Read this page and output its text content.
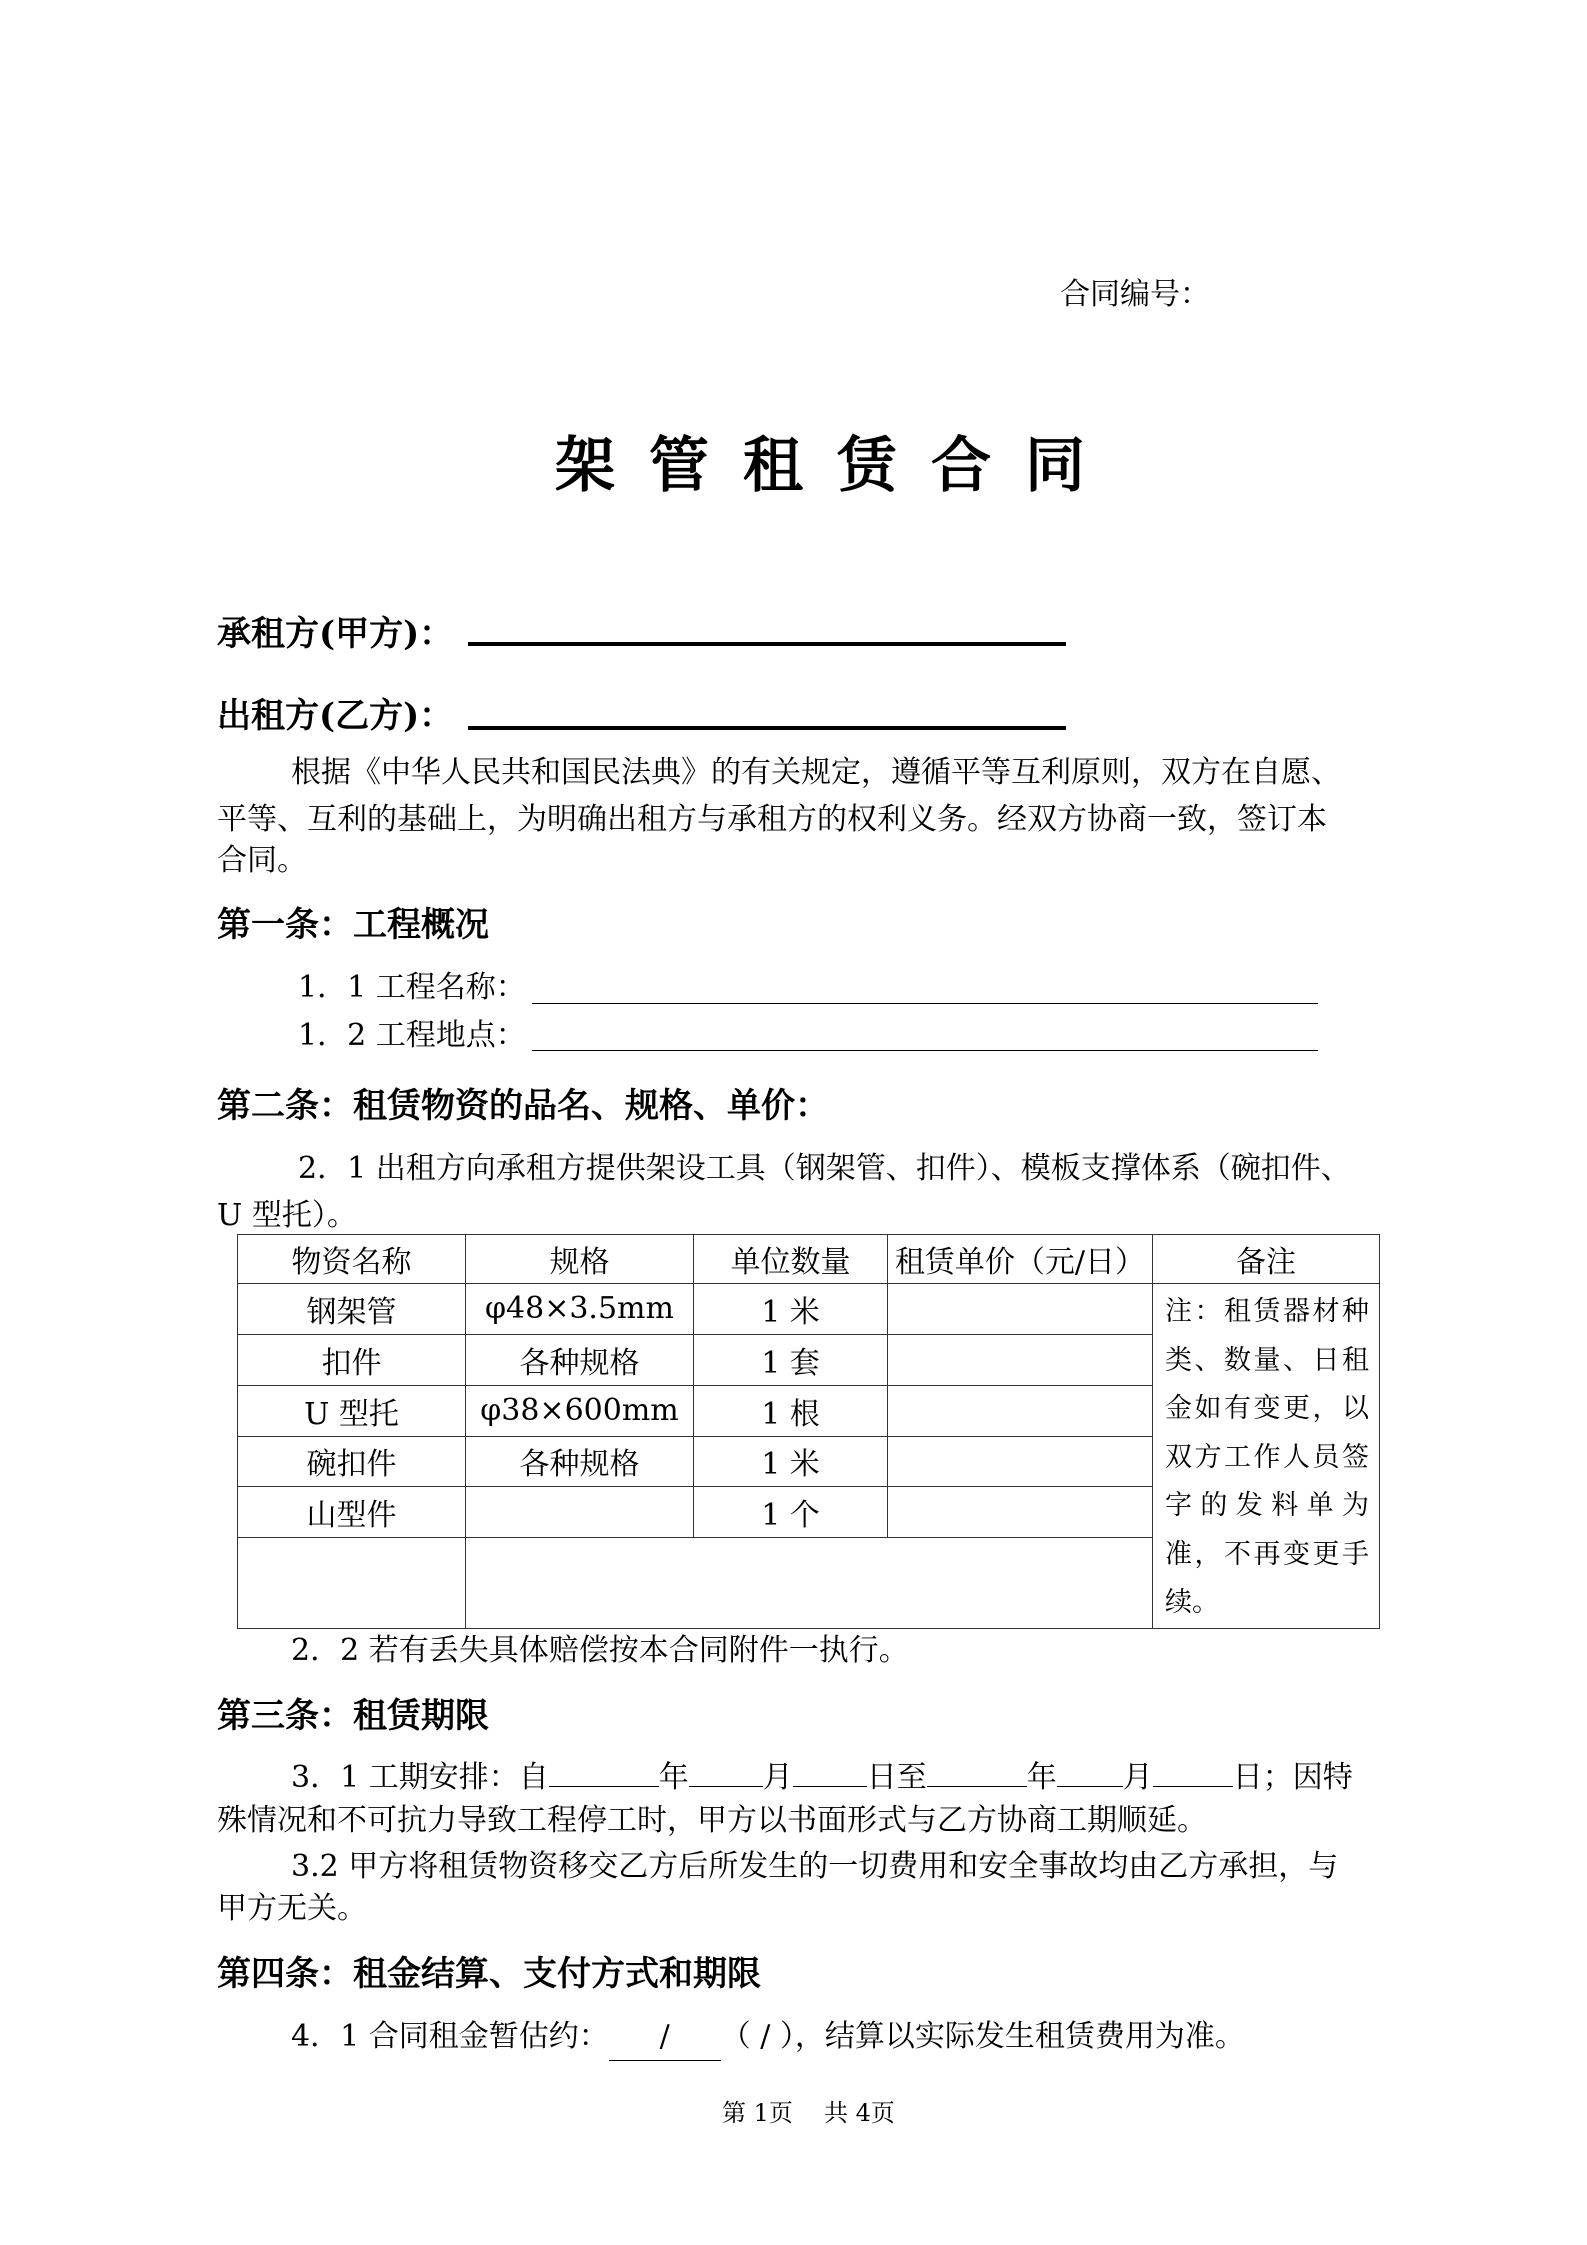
合同编号：
架管租赁合同
承租方(甲方)：
出租方(乙方)：
根据《中华人民共和国民法典》的有关规定，遵循平等互利原则，双方在自愿、
平等、互利的基础上，为明确出租方与承租方的权利义务。经双方协商一致，签订本
合同。
第一条：工程概况
1．1 工程名称：
1．2 工程地点：
第二条：租赁物资的品名、规格、单价：
2．1 出租方向承租方提供架设工具（钢架管、扣件）、模板支撑体系（碗扣件、
U 型托）。
物资名称	规格	单位数量	租赁单价（元/日）	备注
钢架管	φ48×3.5mm	1 米		注：租赁器材种类、数量、日租金如有变更，以双方工作人员签字的发料单为准，不再变更手续。
扣件	各种规格	1 套		
U 型托	φ38×600mm	1 根		
碗扣件	各种规格	1 米		
山型件		1 个		

2．2 若有丢失具体赔偿按本合同附件一执行。
第三条：租赁期限
3．1 工期安排：自	年 月 日至	年 月	日；因特
殊情况和不可抗力导致工程停工时，甲方以书面形式与乙方协商工期顺延。
3.2 甲方将租赁物资移交乙方后所发生的一切费用和安全事故均由乙方承担，与
甲方无关。
第四条：租金结算、支付方式和期限
4．1 合同租金暂估约： / （ / ），结算以实际发生租赁费用为准。
第 1页 共 4页
